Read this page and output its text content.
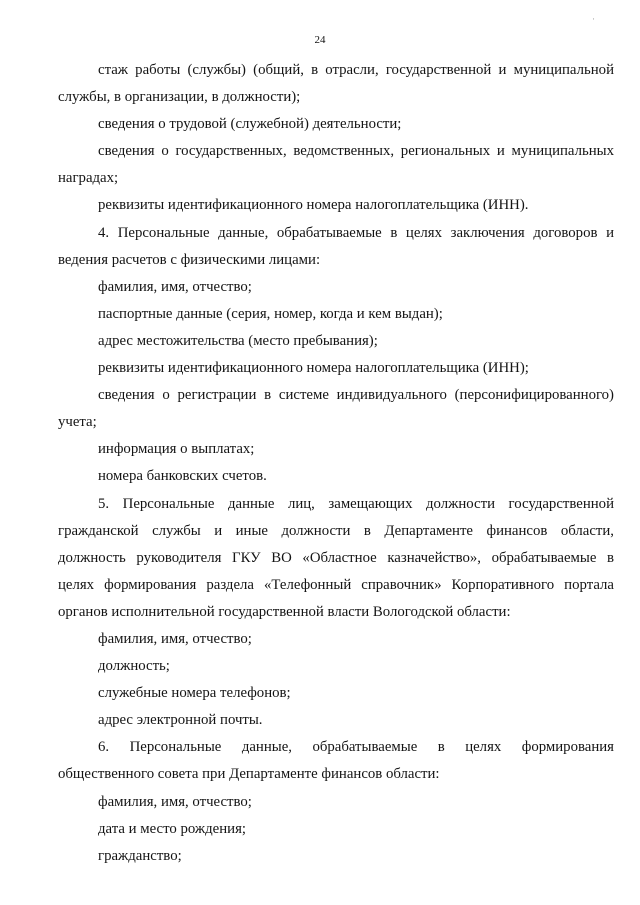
24
·

стаж работы (службы) (общий, в отрасли, государственной и муниципальной

службы, в организации, в должности);

сведения о трудовой (служебной) деятельности;

сведения о государственных, ведомственных, региональных и муниципальных

наградах;

реквизиты идентификационного номера налогоплательщика (ИНН).

4. Персональные данные, обрабатываемые в целях заключения договоров и

ведения расчетов с физическими лицами:

фамилия, имя, отчество;

паспортные данные (серия, номер, когда и кем выдан);

адрес местожительства (место пребывания);

реквизиты идентификационного номера налогоплательщика (ИНН);

сведения о регистрации в системе индивидуального (персонифицированного)

учета;

информация о выплатах;

номера банковских счетов.

5. Персональные данные лиц, замещающих должности государственной

гражданской службы и иные должности в Департаменте финансов области,

должность руководителя ГКУ ВО «Областное казначейство», обрабатываемые в

целях формирования раздела «Телефонный справочник» Корпоративного портала

органов исполнительной государственной власти Вологодской области:

фамилия, имя, отчество;

должность;

служебные номера телефонов;

адрес электронной почты.

6. Персональные данные, обрабатываемые в целях формирования

общественного совета при Департаменте финансов области:

фамилия, имя, отчество;

дата и место рождения;

гражданство;
